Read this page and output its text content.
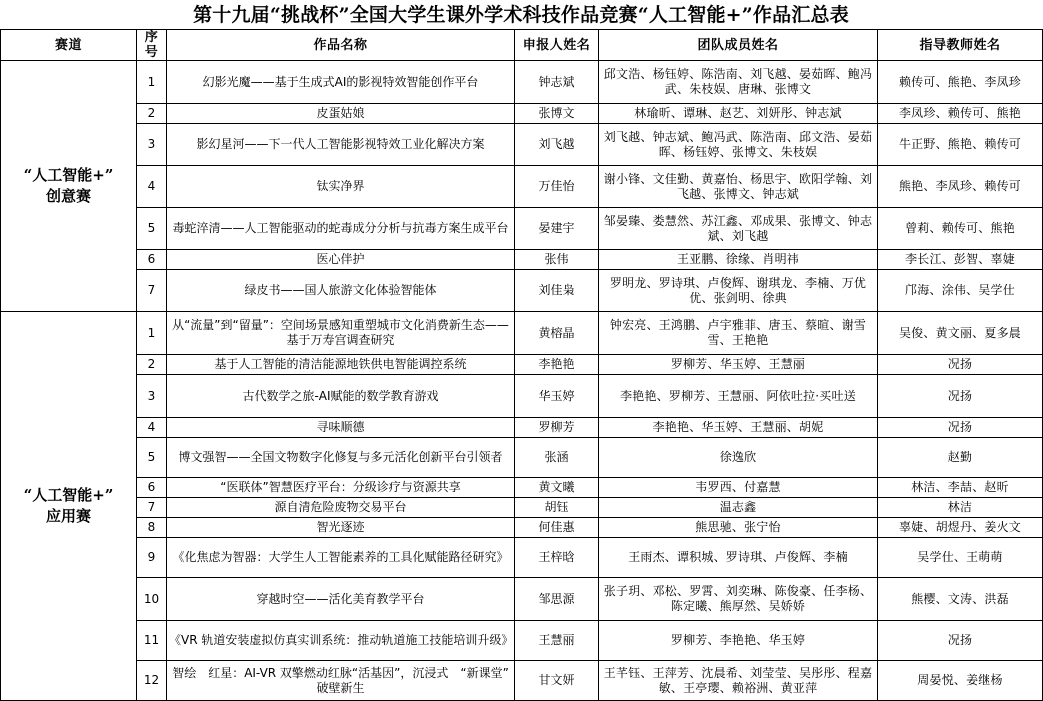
第十九届“挑战杯”全国大学生课外学术科技作品竞赛“人工智能+”作品汇总表
赛道	序号	作品名称	申报人姓名	团队成员姓名	指导教师姓名

“人工智能+”
创意赛	1	幻影光魔——基于生成式AI的影视特效智能创作平台	钟志斌	邱文浩、杨钰婷、陈浩南、刘飞越、晏茹晖、鲍冯武、朱枝娱、唐琳、张博文	赖传可、熊艳、李凤珍
	2	皮蛋姑娘	张博文	林瑜昕、谭琳、赵艺、刘妍彤、钟志斌	李凤珍、赖传可、熊艳
	3	影幻星河——下一代人工智能影视特效工业化解决方案	刘飞越	刘飞越、钟志斌、鲍冯武、陈浩南、邱文浩、晏茹晖、杨钰婷、张博文、朱枝娱	牛正野、熊艳、赖传可
	4	钛实净界	万佳怡	谢小锋、文佳勤、黄嘉怡、杨思宇、欧阳学翰、刘飞越、张博文、钟志斌	熊艳、李凤珍、赖传可
	5	毒蛇淬清——人工智能驱动的蛇毒成分分析与抗毒方案生成平台	晏建宇	邹晏臻、娄慧然、苏江鑫、邓成果、张博文、钟志斌、刘飞越	曾莉、赖传可、熊艳
	6	医心伴护	张伟	王亚鹏、徐缘、肖明祎	李长江、彭智、辜婕
	7	绿皮书——国人旅游文化体验智能体	刘佳枭	罗明龙、罗诗琪、卢俊辉、谢琪龙、李楠、万优优、张剑明、徐典	邝海、涂伟、吴学仕

“人工智能+”
应用赛	1	从“流量”到“留量”：空间场景感知重塑城市文化消费新生态——基于万寿宫调查研究	黄榕晶	钟宏亮、王鸿鹏、卢宇雅菲、唐玉、蔡暄、谢雪雪、王艳艳	吴俊、黄文丽、夏多晨
	2	基于人工智能的清洁能源地铁供电智能调控系统	李艳艳	罗柳芳、华玉婷、王慧丽	况扬
	3	古代数学之旅-AI赋能的数学教育游戏	华玉婷	李艳艳、罗柳芳、王慧丽、阿依吐拉·买吐送	况扬
	4	寻味顺德	罗柳芳	李艳艳、华玉婷、王慧丽、胡妮	况扬
	5	博文强智——全国文物数字化修复与多元活化创新平台引领者	张涵	徐逸欣	赵勤
	6	“医联体”智慧医疗平台：分级诊疗与资源共享	黄文曦	韦罗西、付嘉慧	林洁、李喆、赵昕
	7	源自清危险废物交易平台	胡钰	温志鑫	林洁
	8	智光逐迹	何佳惠	熊思驰、张宁怡	辜婕、胡煜丹、姜火文
	9	《化焦虑为智器：大学生人工智能素养的工具化赋能路径研究》	王梓晗	王雨杰、谭积城、罗诗琪、卢俊辉、李楠	吴学仕、王萌萌
	10	穿越时空——活化美育教学平台	邹思源	张子玥、邓松、罗霄、刘奕琳、陈俊豪、任李杨、陈定曦、熊厚然、吴娇娇	熊樱、文涛、洪磊
	11	《VR 轨道安装虚拟仿真实训系统：推动轨道施工技能培训升级》	王慧丽	罗柳芳、李艳艳、华玉婷	况扬
	12	智绘　红星：AI-VR 双擎燃动红脉“活基因”，沉浸式　“新课堂”　破壁新生	甘文妍	王芊钰、王萍芳、沈晨希、刘莹莹、吴彤彤、程嘉敏、王亭璎、赖裕洲、黄亚萍	周晏悦、姜继杨
